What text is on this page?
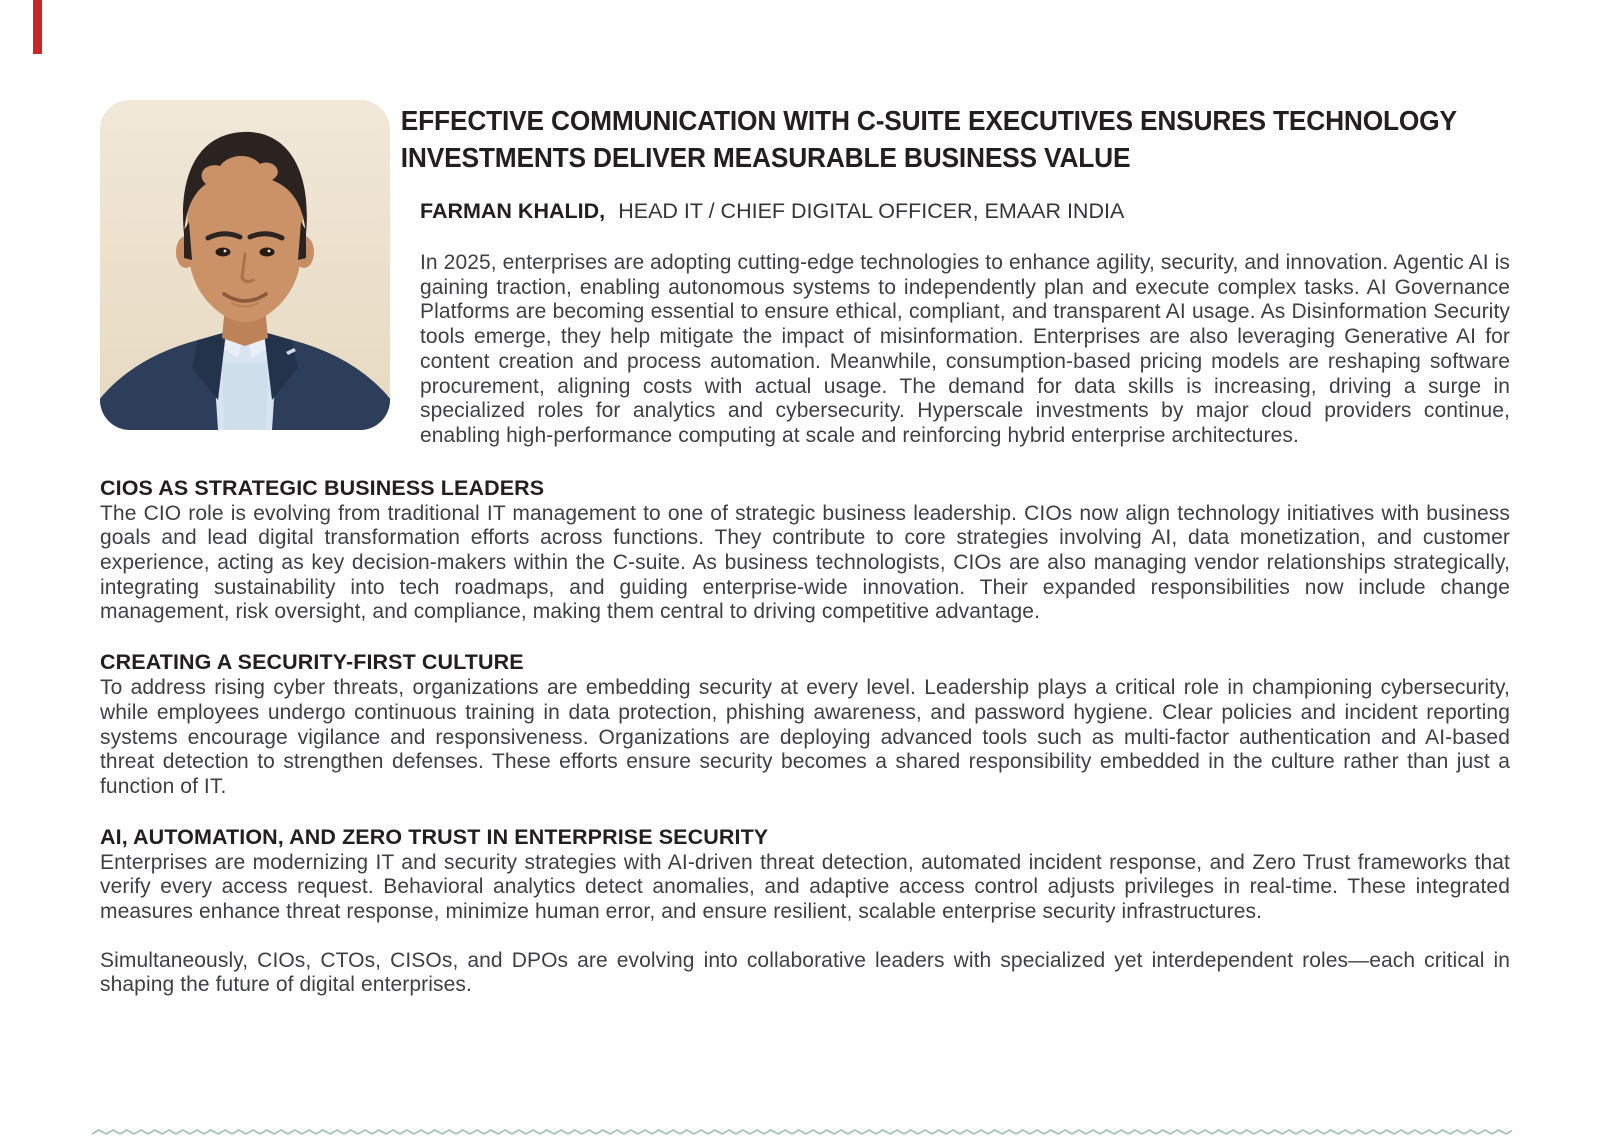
EFFECTIVE COMMUNICATION WITH C-SUITE EXECUTIVES ENSURES TECHNOLOGY
INVESTMENTS DELIVER MEASURABLE BUSINESS VALUE

FARMAN KHALID, HEAD IT / CHIEF DIGITAL OFFICER, EMAAR INDIA

In 2025, enterprises are adopting cutting-edge technologies to enhance agility, security, and innovation. Agentic AI is gaining traction, enabling autonomous systems to independently plan and execute complex tasks. AI Governance Platforms are becoming essential to ensure ethical, compliant, and transparent AI usage. As Disinformation Security tools emerge, they help mitigate the impact of misinformation. Enterprises are also leveraging Generative AI for content creation and process automation. Meanwhile, consumption-based pricing models are reshaping software procurement, aligning costs with actual usage. The demand for data skills is increasing, driving a surge in specialized roles for analytics and cybersecurity. Hyperscale investments by major cloud providers continue, enabling high-performance computing at scale and reinforcing hybrid enterprise architectures.

CIOS AS STRATEGIC BUSINESS LEADERS

The CIO role is evolving from traditional IT management to one of strategic business leadership. CIOs now align technology initiatives with business goals and lead digital transformation efforts across functions. They contribute to core strategies involving AI, data monetization, and customer experience, acting as key decision-makers within the C-suite. As business technologists, CIOs are also managing vendor relationships strategically, integrating sustainability into tech roadmaps, and guiding enterprise-wide innovation. Their expanded responsibilities now include change management, risk oversight, and compliance, making them central to driving competitive advantage.

CREATING A SECURITY-FIRST CULTURE

To address rising cyber threats, organizations are embedding security at every level. Leadership plays a critical role in championing cybersecurity, while employees undergo continuous training in data protection, phishing awareness, and password hygiene. Clear policies and incident reporting systems encourage vigilance and responsiveness. Organizations are deploying advanced tools such as multi-factor authentication and AI-based threat detection to strengthen defenses. These efforts ensure security becomes a shared responsibility embedded in the culture rather than just a function of IT.

AI, AUTOMATION, AND ZERO TRUST IN ENTERPRISE SECURITY

Enterprises are modernizing IT and security strategies with AI-driven threat detection, automated incident response, and Zero Trust frameworks that verify every access request. Behavioral analytics detect anomalies, and adaptive access control adjusts privileges in real-time. These integrated measures enhance threat response, minimize human error, and ensure resilient, scalable enterprise security infrastructures.

Simultaneously, CIOs, CTOs, CISOs, and DPOs are evolving into collaborative leaders with specialized yet interdependent roles—each critical in shaping the future of digital enterprises.
